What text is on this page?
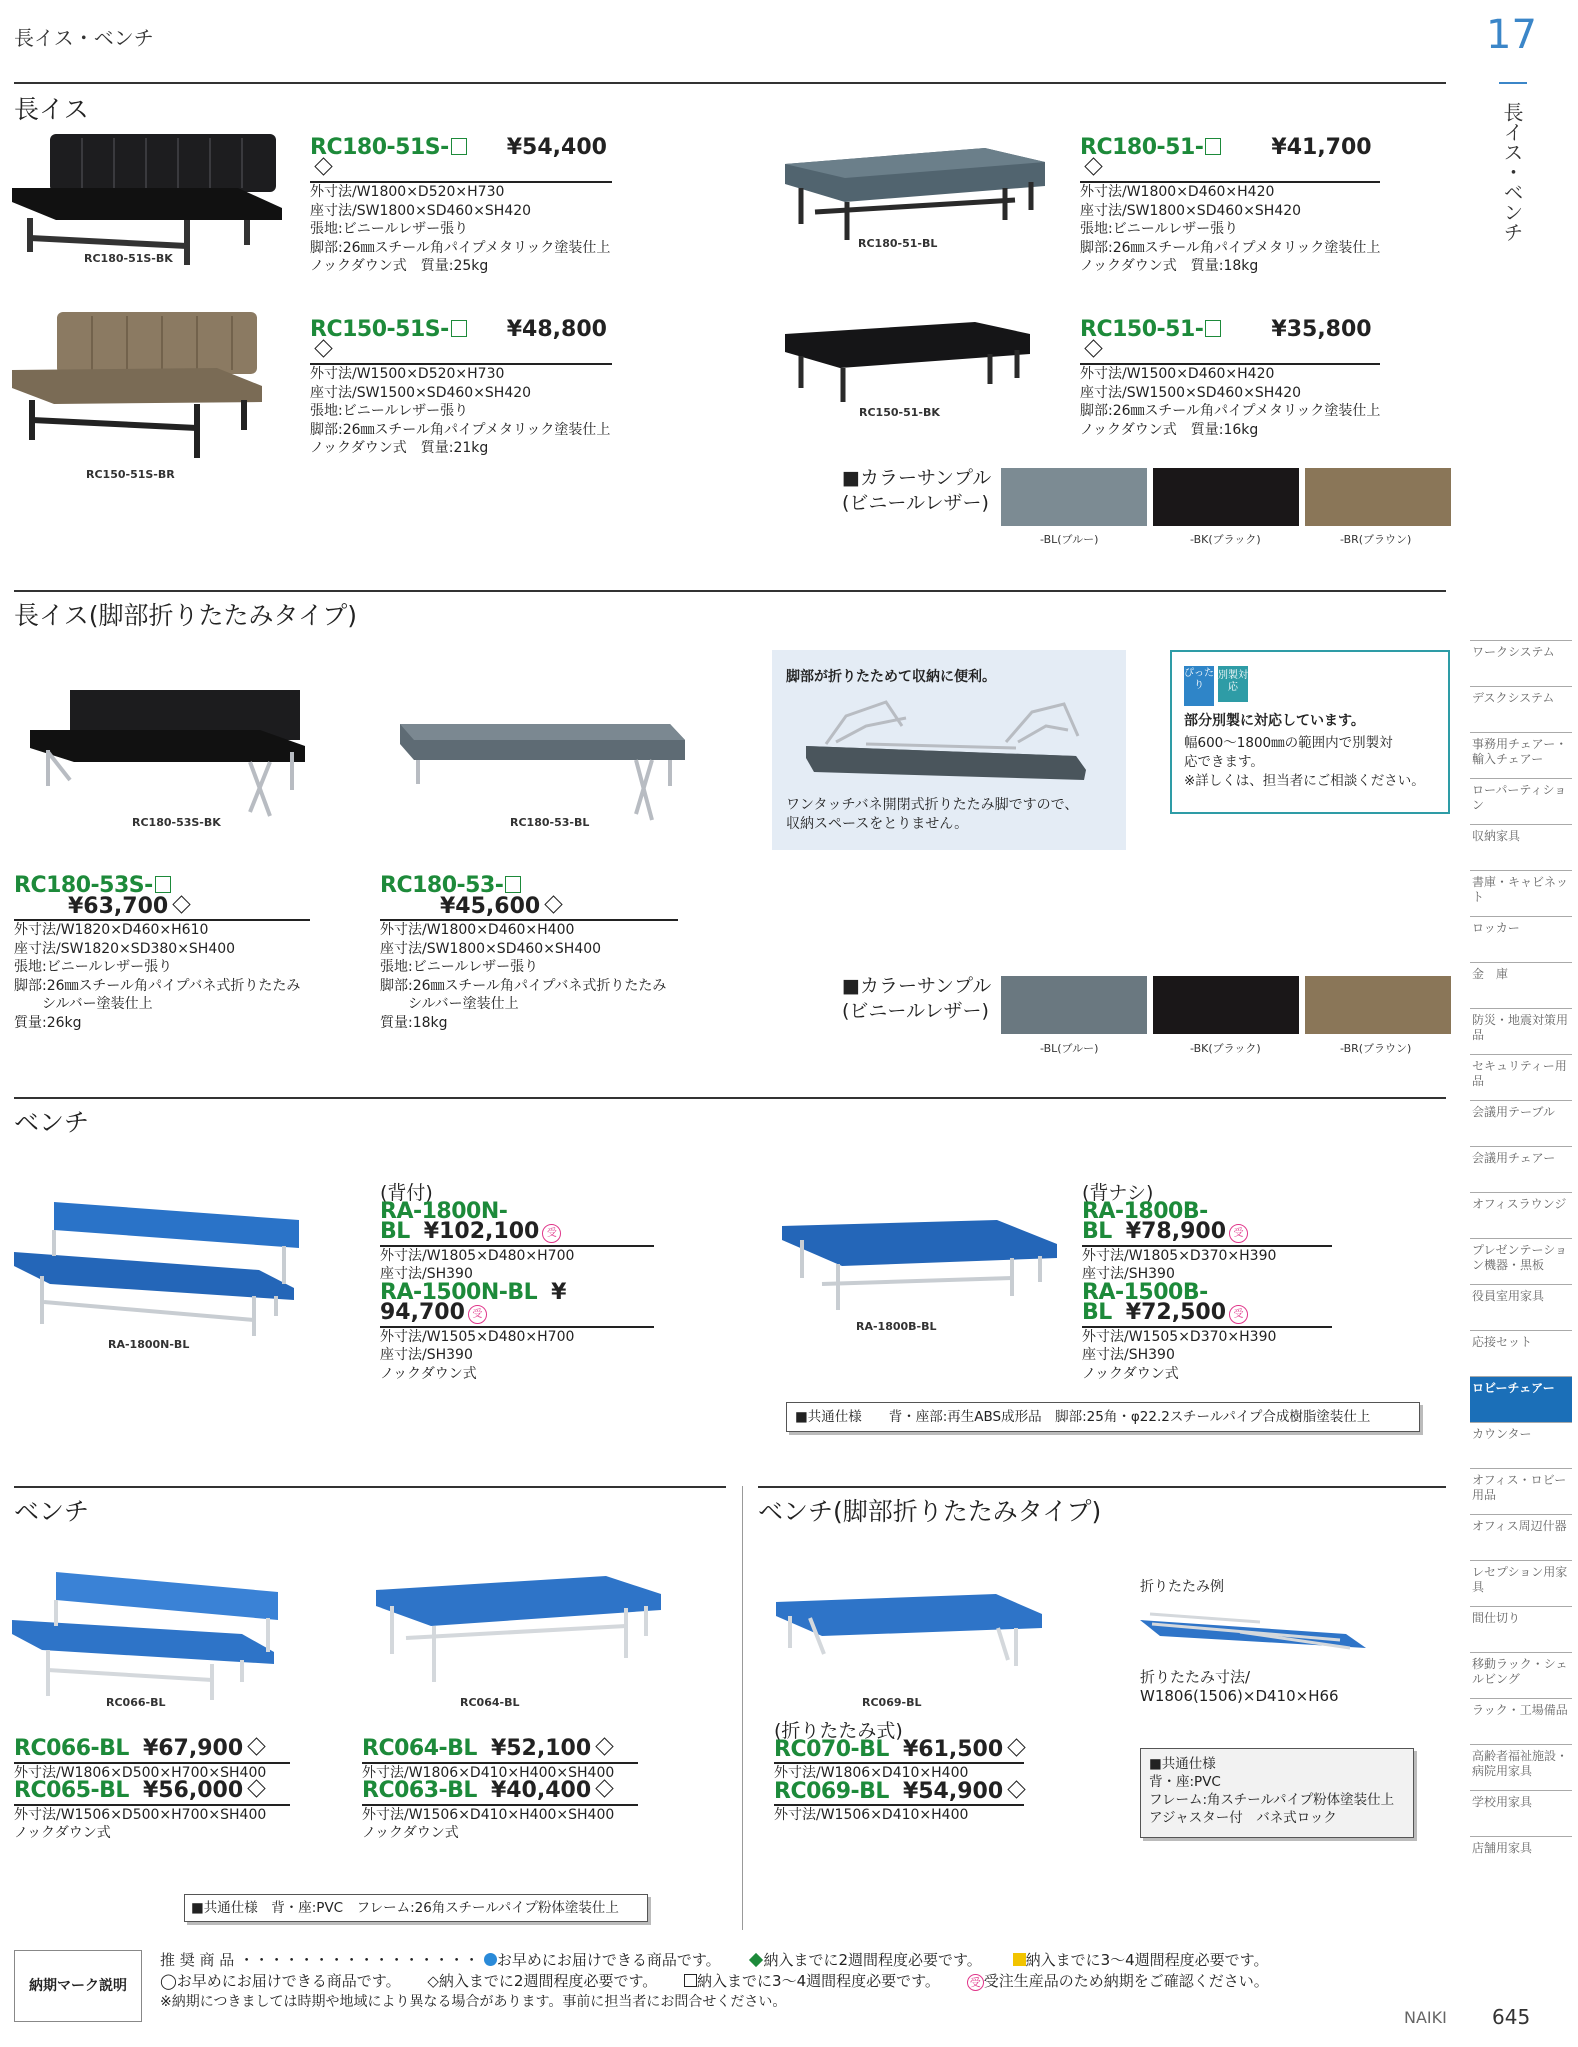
長イス・ベンチ	17
長イス・ベンチ
長イス
RC180-51S-BK
RC180-51-BL
RC150-51S-BR
RC150-51-BK
RC180-51S-	¥54,400
外寸法/W1800×D520×H730
座寸法/SW1800×SD460×SH420
張地:ビニールレザー張り
脚部:26㎜スチール角パイプメタリック塗装仕上
ノックダウン式　質量:25kg
RC180-51-	¥41,700
外寸法/W1800×D460×H420
座寸法/SW1800×SD460×SH420
張地:ビニールレザー張り
脚部:26㎜スチール角パイプメタリック塗装仕上
ノックダウン式　質量:18kg
RC150-51S-	¥48,800
外寸法/W1500×D520×H730
座寸法/SW1500×SD460×SH420
張地:ビニールレザー張り
脚部:26㎜スチール角パイプメタリック塗装仕上
ノックダウン式　質量:21kg
RC150-51-	¥35,800
外寸法/W1500×D460×H420
座寸法/SW1500×SD460×SH420
脚部:26㎜スチール角パイプメタリック塗装仕上
ノックダウン式　質量:16kg
■カラーサンプル
(ビニールレザー)
-BL(ブルー)	-BK(ブラック)	-BR(ブラウン)
長イス(脚部折りたたみタイプ)
RC180-53S-BK	RC180-53-BL
RC180-53S-¥63,700
外寸法/W1820×D460×H610
座寸法/SW1820×SD380×SH400
張地:ビニールレザー張り
脚部:26㎜スチール角パイプバネ式折りたたみ
　　シルバー塗装仕上
質量:26kg
RC180-53-¥45,600
外寸法/W1800×D460×H400
座寸法/SW1800×SD460×SH400
張地:ビニールレザー張り
脚部:26㎜スチール角パイプバネ式折りたたみ
　　シルバー塗装仕上
質量:18kg
脚部が折りたためて収納に便利。
ワンタッチバネ開閉式折りたたみ脚ですので、
収納スペースをとりません。
ぴったり
別製対応
部分別製に対応しています。
幅600～1800㎜の範囲内で別製対
応できます。
※詳しくは、担当者にご相談ください。
■カラーサンプル
(ビニールレザー)
-BL(ブルー)	-BK(ブラック)	-BR(ブラウン)
ベンチ
RA-1800N-BL
RA-1800B-BL
(背付)
RA-1800N-BL ¥102,100 受
外寸法/W1805×D480×H700
座寸法/SH390
RA-1500N-BL ¥ 94,700 受
外寸法/W1505×D480×H700
座寸法/SH390
ノックダウン式
(背ナシ)
RA-1800B-BL ¥78,900 受
外寸法/W1805×D370×H390
座寸法/SH390
RA-1500B-BL ¥72,500 受
外寸法/W1505×D370×H390
座寸法/SH390
ノックダウン式
■共通仕様　　背・座部:再生ABS成形品　脚部:25角・φ22.2スチールパイプ合成樹脂塗装仕上
ベンチ	ベンチ(脚部折りたたみタイプ)
RC066-BL	RC064-BL
RC066-BL ¥67,900
外寸法/W1806×D500×H700×SH400
RC065-BL ¥56,000
外寸法/W1506×D500×H700×SH400
ノックダウン式
RC064-BL ¥52,100
外寸法/W1806×D410×H400×SH400
RC063-BL ¥40,400
外寸法/W1506×D410×H400×SH400
ノックダウン式
■共通仕様　背・座:PVC　フレーム:26角スチールパイプ粉体塗装仕上
RC069-BL
折りたたみ例
折りたたみ寸法/
W1806(1506)×D410×H66
(折りたたみ式)
RC070-BL ¥61,500
外寸法/W1806×D410×H400
RC069-BL ¥54,900
外寸法/W1506×D410×H400
■共通仕様
背・座:PVC
フレーム:角スチールパイプ粉体塗装仕上
アジャスター付　バネ式ロック
ワークシステム
デスクシステム
事務用チェアー・輸入チェアー
ローパーティション
収納家具
書庫・キャビネット
ロッカー
金　庫
防災・地震対策用品
セキュリティー用品
会議用テーブル
会議用チェアー
オフィスラウンジ
プレゼンテーション機器・黒板
役員室用家具
応接セット
ロビーチェアー
カウンター
オフィス・ロビー用品
オフィス周辺什器
レセプション用家具
間仕切り
移動ラック・シェルビング
ラック・工場備品
高齢者福祉施設・病院用家具
学校用家具
店舗用家具
納期マーク説明
推 奨 商 品 ・・・・・・・・・・・・・・・・ お早めにお届けできる商品です。	納入までに2週間程度必要です。	納入までに3～4週間程度必要です。
◯お早めにお届けできる商品です。 ◇納入までに2週間程度必要です。	納入までに3～4週間程度必要です。	受 受注生産品のため納期をご確認ください。
※納期につきましては時期や地域により異なる場合があります。事前に担当者にお問合せください。
NAIKI 645
